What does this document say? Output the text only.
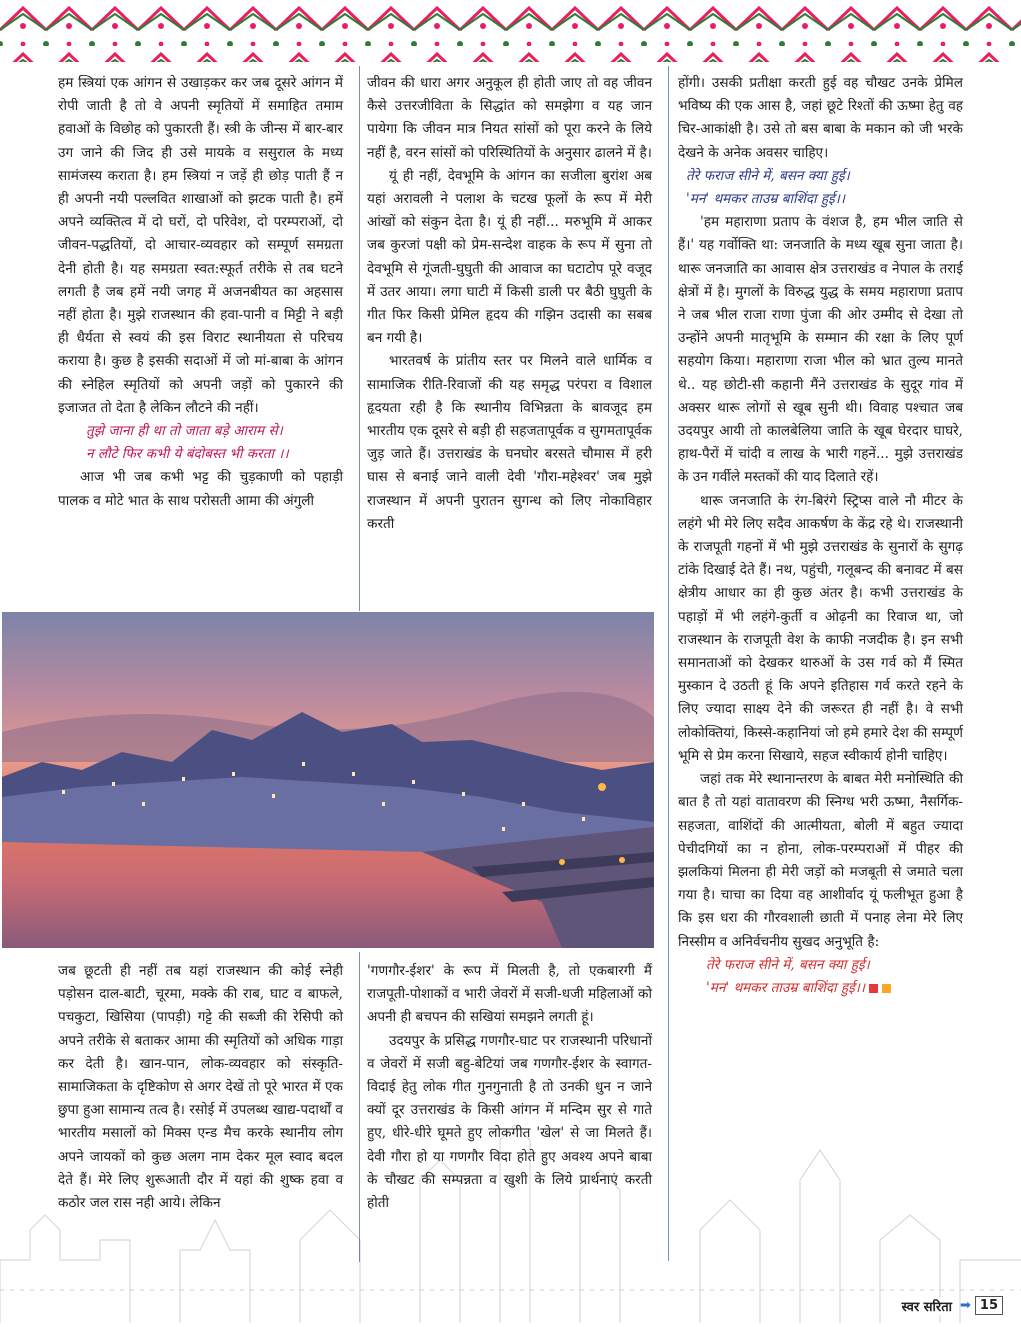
हम स्त्रियां एक आंगन से उखाड़कर कर जब दूसरे आंगन में रोपी जाती है तो वे अपनी स्मृतियों में समाहित तमाम हवाओं के विछोह को पुकारती हैं। स्त्री के जीन्स में बार-बार उग जाने की जिद ही उसे मायके व ससुराल के मध्य सामंजस्य कराता है। हम स्त्रियां न जड़ें ही छोड़ पाती हैं न ही अपनी नयी पल्लवित शाखाओं को झटक पाती है। हमें अपने व्यक्तित्व में दो घरों, दो परिवेश, दो परम्पराओं, दो जीवन-पद्धतियों, दो आचार-व्यवहार को सम्पूर्ण समग्रता देनी होती है। यह समग्रता स्वत:स्फूर्त तरीके से तब घटने लगती है जब हमें नयी जगह में अजनबीयत का अहसास नहीं होता है। मुझे राजस्थान की हवा-पानी व मिट्टी ने बड़ी ही धैर्यता से स्वयं की इस विराट स्थानीयता से परिचय कराया है। कुछ है इसकी सदाओं में जो मां-बाबा के आंगन की स्नेहिल स्मृतियों को अपनी जड़ों को पुकारने की इजाजत तो देता है लेकिन लौटने की नहीं।

तुझे जाना ही था तो जाता बड़े आराम से।

न लौटे फिर कभी ये बंदोबस्त भी करता ।।

आज भी जब कभी भट्ट की चुड़काणी को पहाड़ी पालक व मोटे भात के साथ परोसती आमा की अंगुली

जीवन की धारा अगर अनुकूल ही होती जाए तो वह जीवन कैसे उत्तरजीविता के सिद्धांत को समझेगा व यह जान पायेगा कि जीवन मात्र नियत सांसों को पूरा करने के लिये नहीं है, वरन सांसों को परिस्थितियों के अनुसार ढालने में है।

यूं ही नहीं, देवभूमि के आंगन का सजीला बुरांश अब यहां अरावली ने पलाश के चटख फूलों के रूप में मेरी आंखों को संकुन देता है। यूं ही नहीं... मरुभूमि में आकर जब कुरजां पक्षी को प्रेम-सन्देश वाहक के रूप में सुना तो देवभूमि से गूंजती-घुघुती की आवाज का घटाटोप पूरे वजूद में उतर आया। लगा घाटी में किसी डाली पर बैठी घुघुती के गीत फिर किसी प्रेमिल हृदय की गझिन उदासी का सबब बन गयी है।

भारतवर्ष के प्रांतीय स्तर पर मिलने वाले धार्मिक व सामाजिक रीति-रिवाजों की यह समृद्ध परंपरा व विशाल हृदयता रही है कि स्थानीय विभिन्नता के बावजूद हम भारतीय एक दूसरे से बड़ी ही सहजतापूर्वक व सुगमतापूर्वक जुड़ जाते हैं। उत्तराखंड के घनघोर बरसते चौमास में हरी घास से बनाई जाने वाली देवी 'गौरा-महेश्वर' जब मुझे राजस्थान में अपनी पुरातन सुगन्ध को लिए नोकाविहार करती

होंगी। उसकी प्रतीक्षा करती हुई वह चौखट उनके प्रेमिल भविष्य की एक आस है, जहां छूटे रिश्तों की ऊष्मा हेतु वह चिर-आकांक्षी है। उसे तो बस बाबा के मकान को जी भरके देखने के अनेक अवसर चाहिए।

तेरे फराज सीने में, बसन क्या हुई।

'मन' थमकर ताउम्र बाशिंदा हुई।।

'हम महाराणा प्रताप के वंशज है, हम भील जाति से हैं।' यह गर्वोक्ति था: जनजाति के मध्य खूब सुना जाता है। थारू जनजाति का आवास क्षेत्र उत्तराखंड व नेपाल के तराई क्षेत्रों में है। मुगलों के विरुद्ध युद्ध के समय महाराणा प्रताप ने जब भील राजा राणा पुंजा की ओर उम्मीद से देखा तो उन्होंने अपनी मातृभूमि के सम्मान की रक्षा के लिए पूर्ण सहयोग किया। महाराणा राजा भील को भ्रात तुल्य मानते थे.. यह छोटी-सी कहानी मैंने उत्तराखंड के सुदूर गांव में अक्सर थारू लोगों से खूब सुनी थी। विवाह पश्चात जब उदयपुर आयी तो कालबेलिया जाति के खूब घेरदार घाघरे, हाथ-पैरों में चांदी व लाख के भारी गहनें... मुझे उत्तराखंड के उन गर्वीले मस्तकों की याद दिलाते रहें।

थारू जनजाति के रंग-बिरंगे स्ट्रिप्स वाले नौ मीटर के लहंगे भी मेरे लिए सदैव आकर्षण के केंद्र रहे थे। राजस्थानी के राजपूती गहनों में भी मुझे उत्तराखंड के सुनारों के सुगढ़ टांके दिखाई देते हैं। नथ, पहुंची, गलूबन्द की बनावट में बस क्षेत्रीय आधार का ही कुछ अंतर है। कभी उत्तराखंड के पहाड़ों में भी लहंगे-कुर्ती व ओढ़नी का रिवाज था, जो राजस्थान के राजपूती वेश के काफी नजदीक है। इन सभी समानताओं को देखकर थारुओं के उस गर्व को मैं स्मित मुस्कान दे उठती हूं कि अपने इतिहास गर्व करते रहने के लिए ज्यादा साक्ष्य देने की जरूरत ही नहीं है। वे सभी लोकोक्तियां, किस्से-कहानियां जो हमे हमारे देश की सम्पूर्ण भूमि से प्रेम करना सिखाये, सहज स्वीकार्य होनी चाहिए।

जहां तक मेरे स्थानान्तरण के बाबत मेरी मनोस्थिति की बात है तो यहां वातावरण की स्निग्ध भरी ऊष्मा, नैसर्गिक- सहजता, वाशिंदों की आत्मीयता, बोली में बहुत ज्यादा पेचीदगियों का न होना, लोक-परम्पराओं में पीहर की झलकियां मिलना ही मेरी जड़ों को मजबूती से जमाते चला गया है। चाचा का दिया वह आशीर्वाद यूं फलीभूत हुआ है कि इस धरा की गौरवशाली छाती में पनाह लेना मेरे लिए निस्सीम व अनिर्वचनीय सुखद अनुभूति है:

तेरे फराज सीने में, बसन क्या हुई।

'मन' थमकर ताउम्र बाशिंदा हुई।।

जब छूटती ही नहीं तब यहां राजस्थान की कोई स्नेही पड़ोसन दाल-बाटी, चूरमा, मक्के की राब, घाट व बाफले, पचकुटा, खिसिया (पापड़ी) गट्टे की सब्जी की रेसिपी को अपने तरीके से बताकर आमा की स्मृतियों को अधिक गाड़ा कर देती है। खान-पान, लोक-व्यवहार को संस्कृति-सामाजिकता के दृष्टिकोण से अगर देखें तो पूरे भारत में एक छुपा हुआ सामान्य तत्व है। रसोई में उपलब्ध खाद्य-पदार्थों व भारतीय मसालों को मिक्स एन्ड मैच करके स्थानीय लोग अपने जायकों को कुछ अलग नाम देकर मूल स्वाद बदल देते हैं। मेरे लिए शुरूआती दौर में यहां की शुष्क हवा व कठोर जल रास नही आये। लेकिन

'गणगौर-ईशर' के रूप में मिलती है, तो एकबारगी मैं राजपूती-पोशाकों व भारी जेवरों में सजी-धजी महिलाओं को अपनी ही बचपन की सखियां समझने लगती हूं।

उदयपुर के प्रसिद्ध गणगौर-घाट पर राजस्थानी परिधानों व जेवरों में सजी बहु-बेटियां जब गणगौर-ईशर के स्वागत-विदाई हेतु लोक गीत गुनगुनाती है तो उनकी धुन न जाने क्यों दूर उत्तराखंड के किसी आंगन में मन्दिम सुर से गाते हुए, धीरे-धीरे घूमते हुए लोकगीत 'खेल' से जा मिलते हैं। देवी गौरा हो या गणगौर विदा होते हुए अवश्य अपने बाबा के चौखट की सम्पन्नता व खुशी के लिये प्रार्थनाएं करती होती

स्वर सरिता ➡ 15
